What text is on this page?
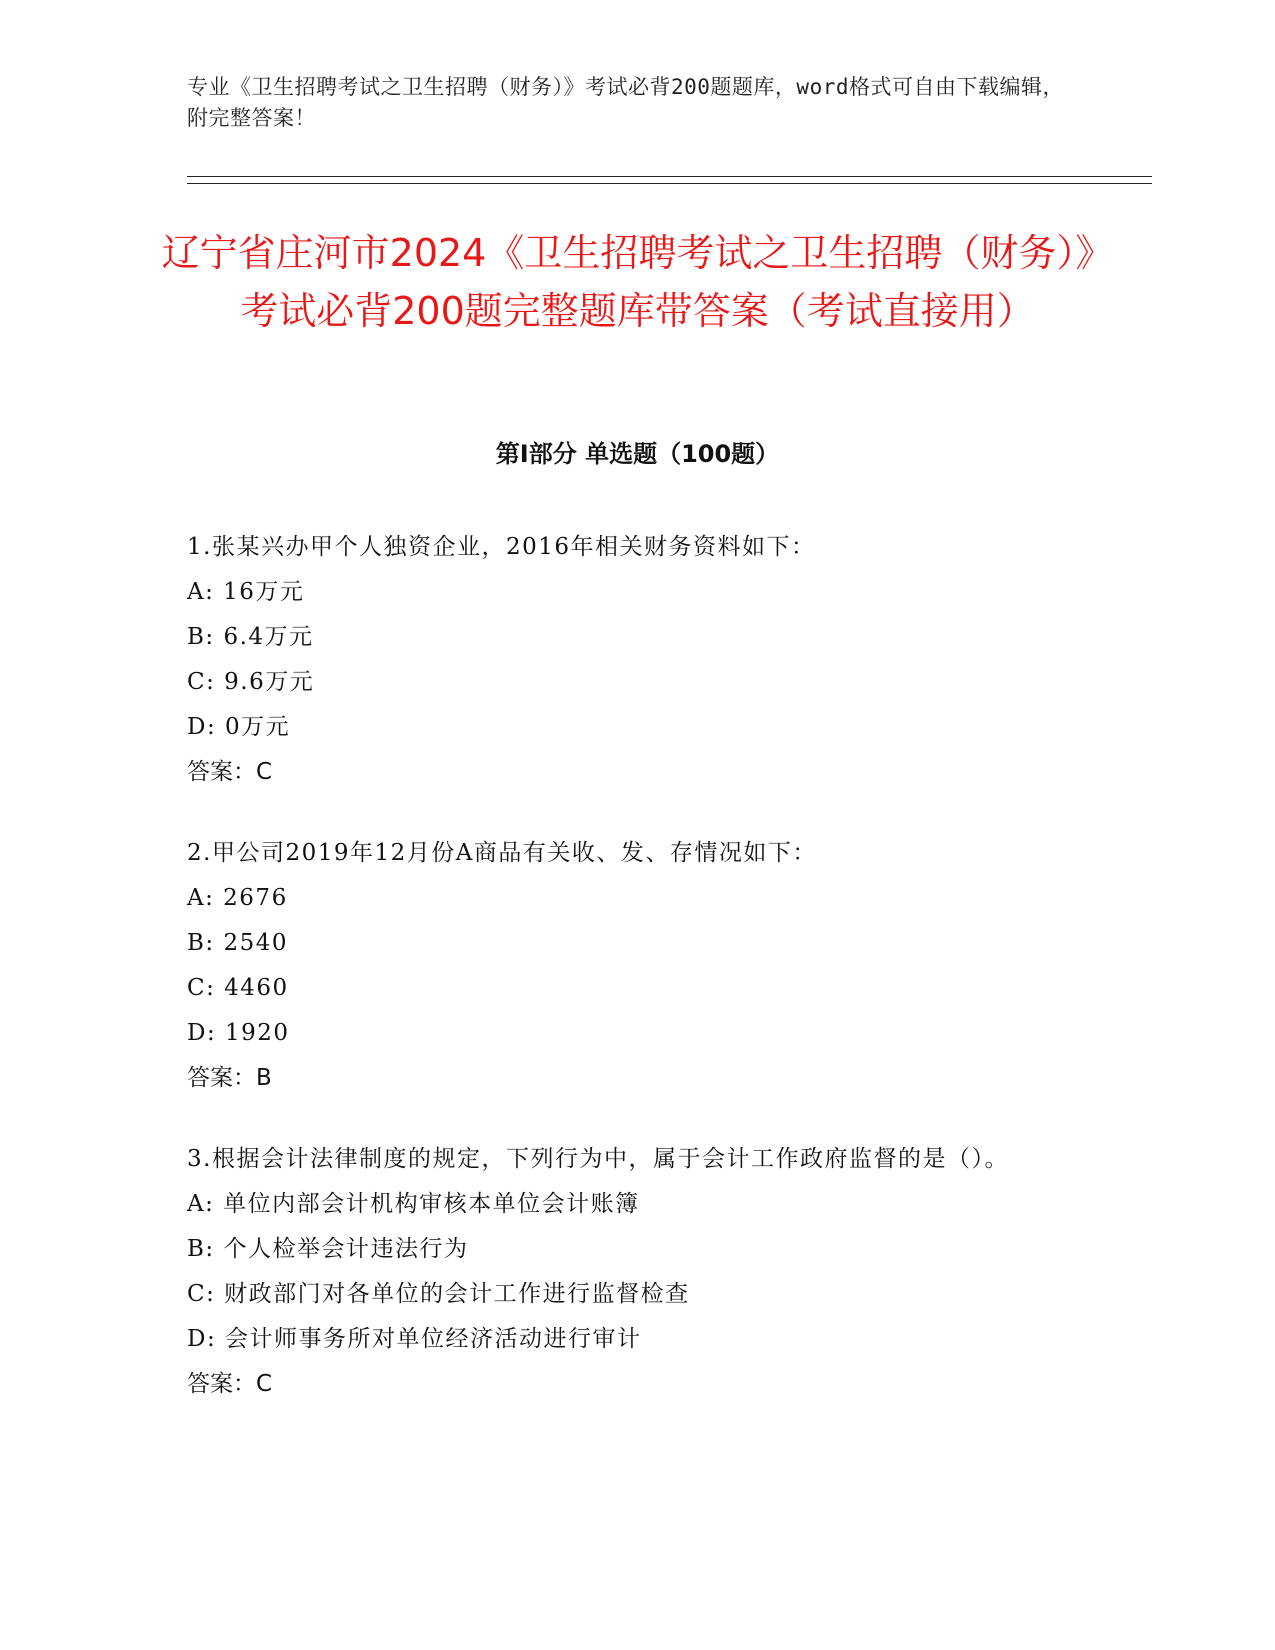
专业《卫生招聘考试之卫生招聘（财务）》考试必背200题题库，word格式可自由下载编辑，附完整答案！
辽宁省庄河市2024《卫生招聘考试之卫生招聘（财务）》考试必背200题完整题库带答案（考试直接用）
第I部分 单选题（100题）
1.张某兴办甲个人独资企业，2016年相关财务资料如下：
A: 16万元
B: 6.4万元
C: 9.6万元
D: 0万元
答案：C
2.甲公司2019年12月份A商品有关收、发、存情况如下：
A: 2676
B: 2540
C: 4460
D: 1920
答案：B
3.根据会计法律制度的规定，下列行为中，属于会计工作政府监督的是（）。
A: 单位内部会计机构审核本单位会计账簿
B: 个人检举会计违法行为
C: 财政部门对各单位的会计工作进行监督检查
D: 会计师事务所对单位经济活动进行审计
答案：C
